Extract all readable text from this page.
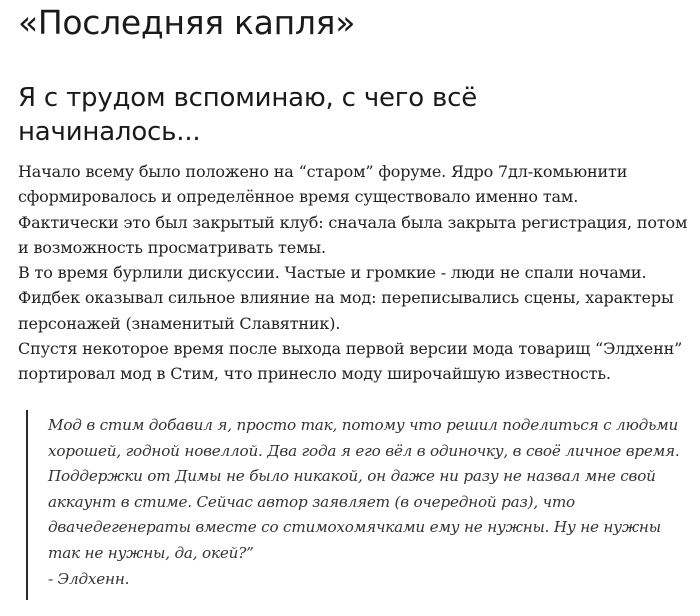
«Последняя капля»
Я с трудом вспоминаю, с чего всё
начиналось...
Начало всему было положено на “старом” форуме. Ядро 7дл-комьюнити
сформировалось и определённое время существовало именно там.
Фактически это был закрытый клуб: сначала была закрыта регистрация, потом
и возможность просматривать темы.
В то время бурлили дискуссии. Частые и громкие - люди не спали ночами.
Фидбек оказывал сильное влияние на мод: переписывались сцены, характеры
персонажей (знаменитый Славятник).
Спустя некоторое время после выхода первой версии мода товарищ “Элдхенн”
портировал мод в Стим, что принесло моду широчайшую известность.
Мод в стим добавил я, просто так, потому что решил поделиться с людьми
хорошей, годной новеллой. Два года я его вёл в одиночку, в своё личное время.
Поддержки от Димы не было никакой, он даже ни разу не назвал мне свой
аккаунт в стиме. Сейчас автор заявляет (в очередной раз), что
двачедегенераты вместе со стимохомячками ему не нужны. Ну не нужны
так не нужны, да, окей?”
- Элдхенн.
